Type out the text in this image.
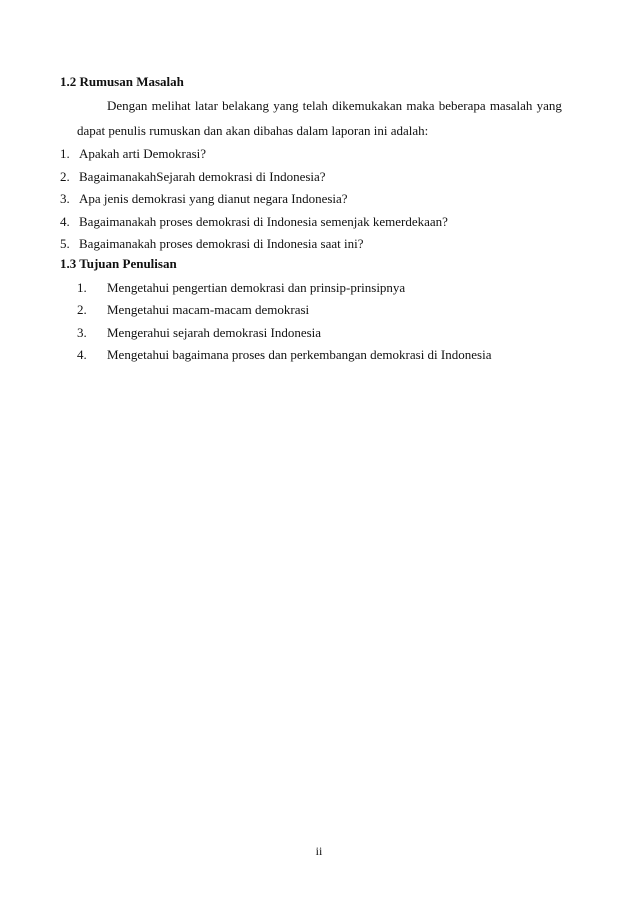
1.2 Rumusan Masalah
Dengan melihat latar belakang yang telah dikemukakan maka beberapa masalah yang
dapat penulis rumuskan dan akan dibahas dalam laporan ini adalah:
1. Apakah arti Demokrasi?
2. BagaimanakahSejarah demokrasi di Indonesia?
3. Apa jenis demokrasi yang dianut negara Indonesia?
4. Bagaimanakah proses demokrasi di Indonesia semenjak kemerdekaan?
5. Bagaimanakah proses demokrasi di Indonesia saat ini?
1.3 Tujuan Penulisan
1. Mengetahui pengertian demokrasi dan prinsip-prinsipnya
2. Mengetahui macam-macam demokrasi
3. Mengerahui sejarah demokrasi Indonesia
4. Mengetahui bagaimana proses dan perkembangan demokrasi di Indonesia
ii
